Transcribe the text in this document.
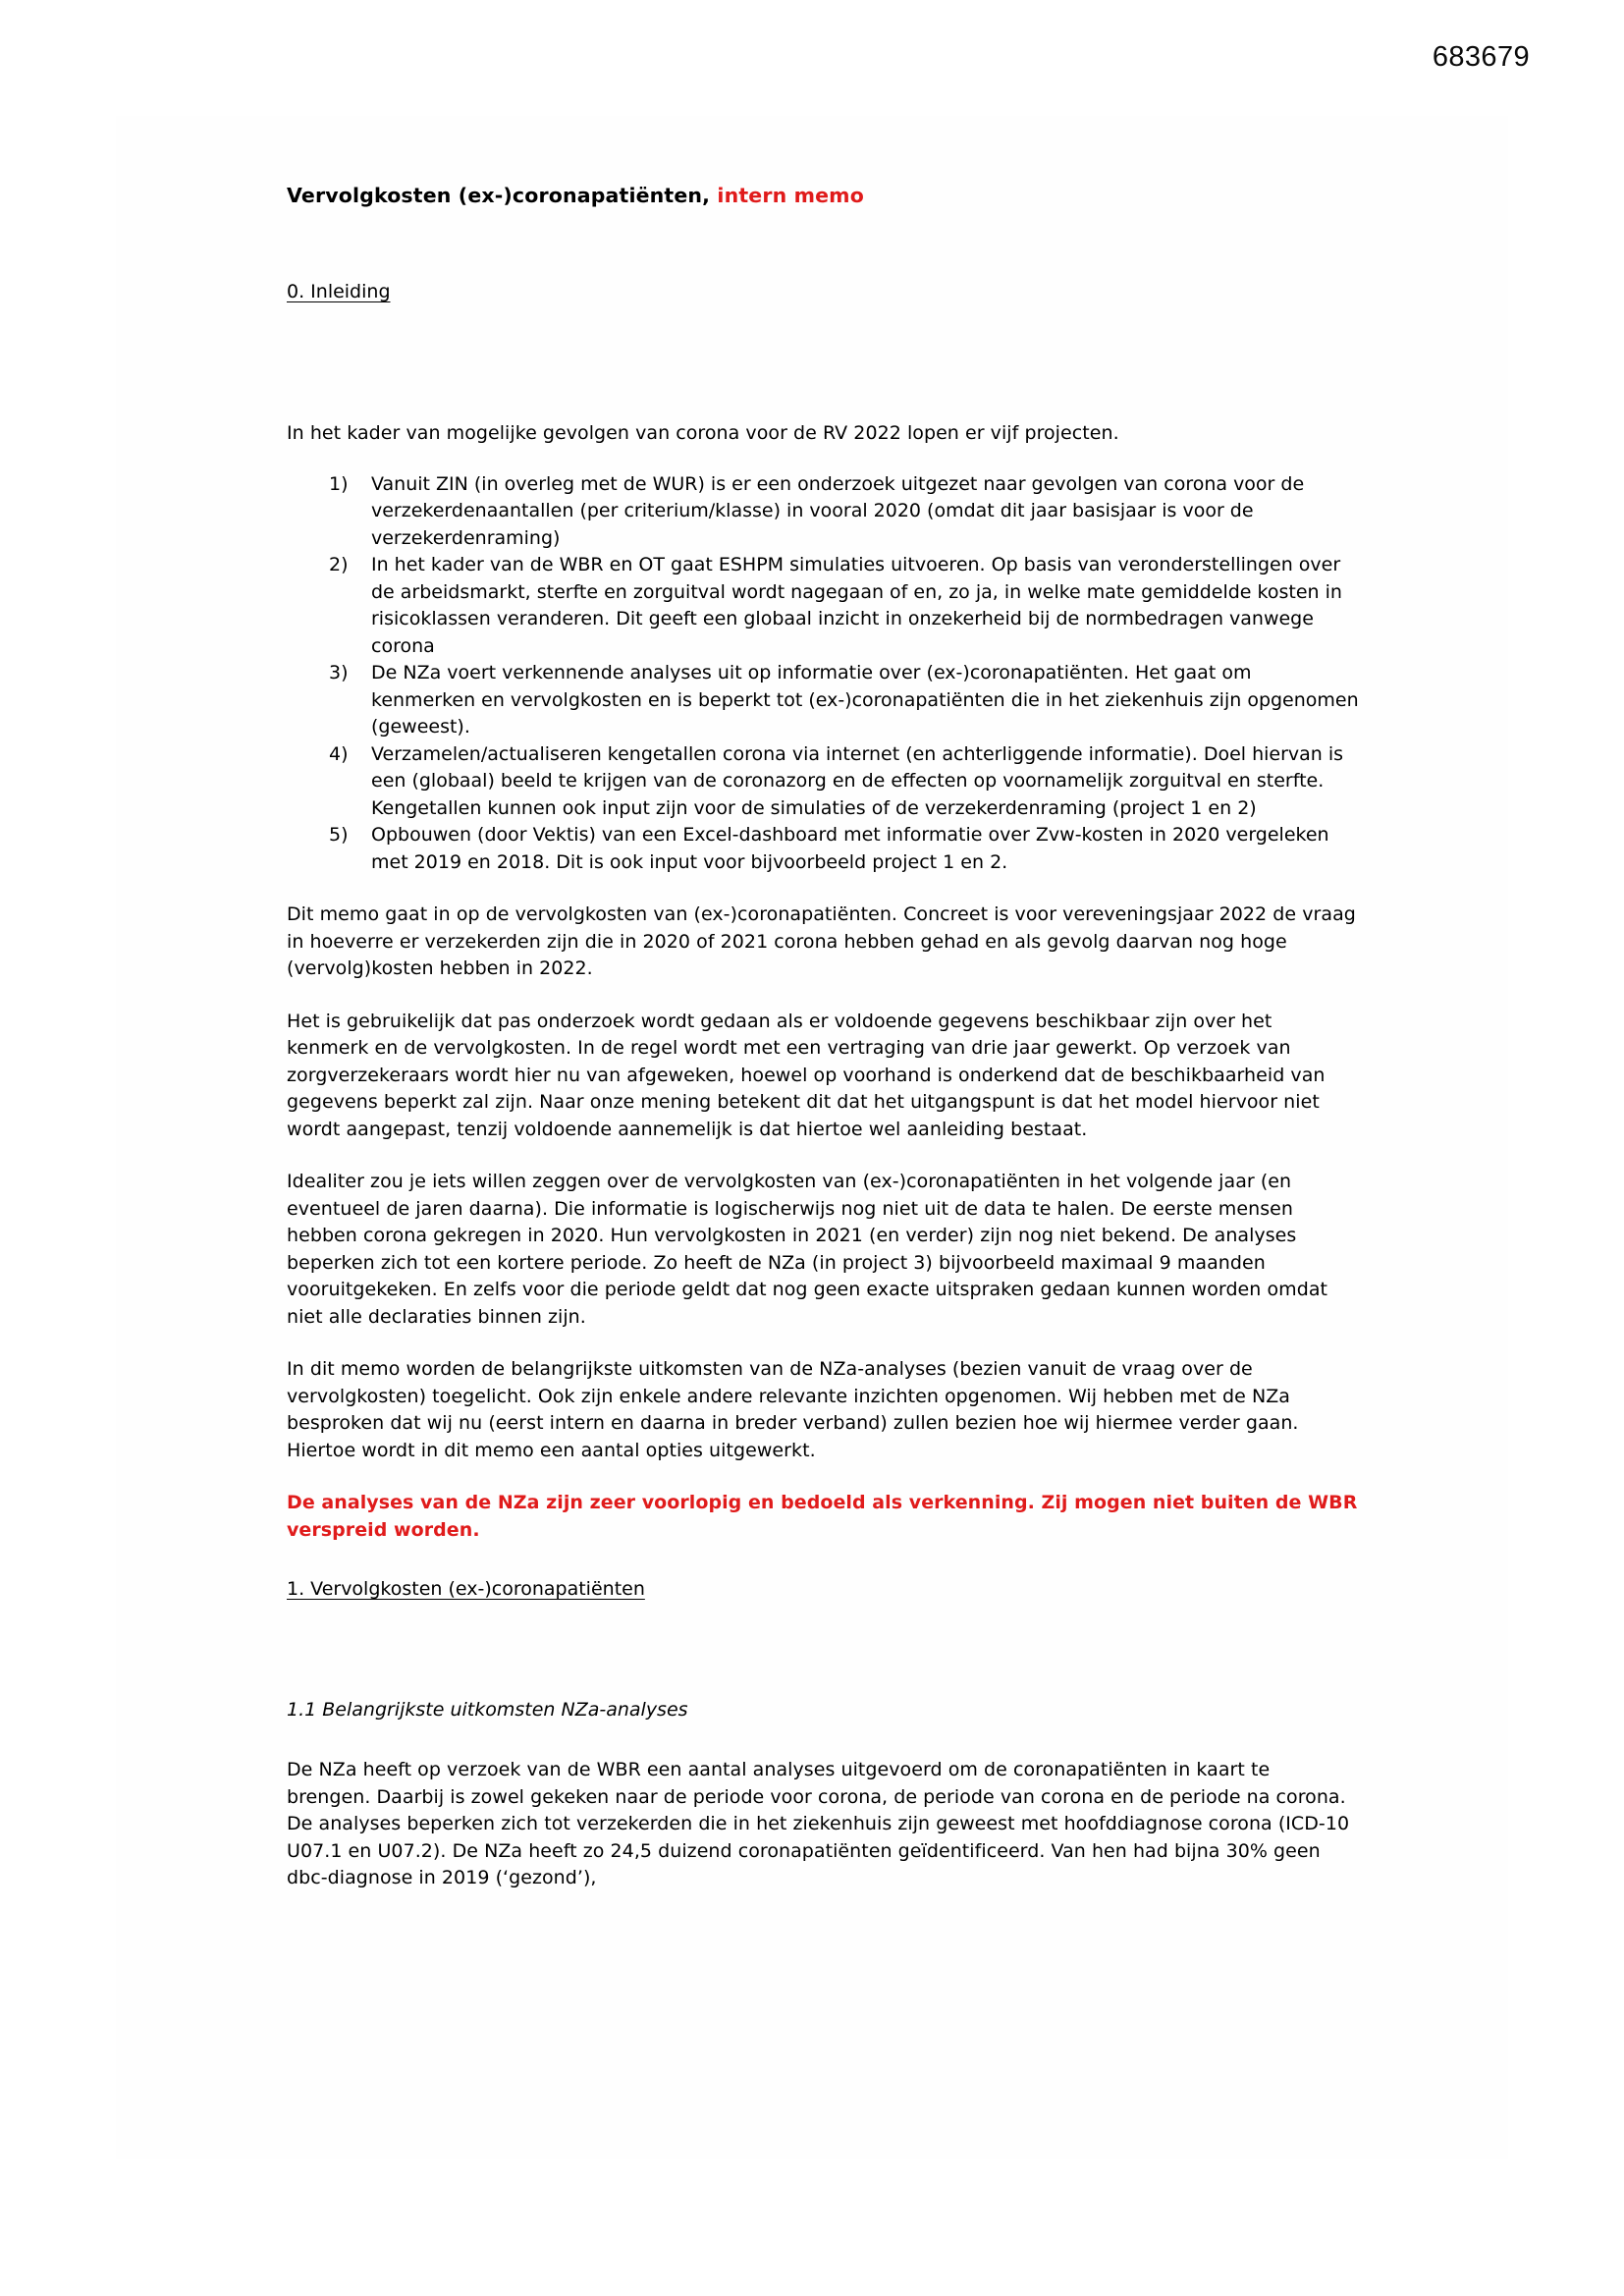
683679
Vervolgkosten (ex-)coronapatiënten, intern memo
0. Inleiding

In het kader van mogelijke gevolgen van corona voor de RV 2022 lopen er vijf projecten.

1)	Vanuit ZIN (in overleg met de WUR) is er een onderzoek uitgezet naar gevolgen van corona voor de verzekerdenaantallen (per criterium/klasse) in vooral 2020 (omdat dit jaar basisjaar is voor de verzekerdenraming)
2)	In het kader van de WBR en OT gaat ESHPM simulaties uitvoeren. Op basis van veronderstellingen over de arbeidsmarkt, sterfte en zorguitval wordt nagegaan of en, zo ja, in welke mate gemiddelde kosten in risicoklassen veranderen. Dit geeft een globaal inzicht in onzekerheid bij de normbedragen vanwege corona
3)	De NZa voert verkennende analyses uit op informatie over (ex-)coronapatiënten. Het gaat om kenmerken en vervolgkosten en is beperkt tot (ex-)coronapatiënten die in het ziekenhuis zijn opgenomen (geweest).
4)	Verzamelen/actualiseren kengetallen corona via internet (en achterliggende informatie). Doel hiervan is een (globaal) beeld te krijgen van de coronazorg en de effecten op voornamelijk zorguitval en sterfte. Kengetallen kunnen ook input zijn voor de simulaties of de verzekerdenraming (project 1 en 2)
5)	Opbouwen (door Vektis) van een Excel-dashboard met informatie over Zvw-kosten in 2020 vergeleken met 2019 en 2018. Dit is ook input voor bijvoorbeeld project 1 en 2.

Dit memo gaat in op de vervolgkosten van (ex-)coronapatiënten. Concreet is voor vereveningsjaar 2022 de vraag in hoeverre er verzekerden zijn die in 2020 of 2021 corona hebben gehad en als gevolg daarvan nog hoge (vervolg)kosten hebben in 2022.

Het is gebruikelijk dat pas onderzoek wordt gedaan als er voldoende gegevens beschikbaar zijn over het kenmerk en de vervolgkosten. In de regel wordt met een vertraging van drie jaar gewerkt. Op verzoek van zorgverzekeraars wordt hier nu van afgeweken, hoewel op voorhand is onderkend dat de beschikbaarheid van gegevens beperkt zal zijn. Naar onze mening betekent dit dat het uitgangspunt is dat het model hiervoor niet wordt aangepast, tenzij voldoende aannemelijk is dat hiertoe wel aanleiding bestaat.

Idealiter zou je iets willen zeggen over de vervolgkosten van (ex-)coronapatiënten in het volgende jaar (en eventueel de jaren daarna). Die informatie is logischerwijs nog niet uit de data te halen. De eerste mensen hebben corona gekregen in 2020. Hun vervolgkosten in 2021 (en verder) zijn nog niet bekend. De analyses beperken zich tot een kortere periode. Zo heeft de NZa (in project 3) bijvoorbeeld maximaal 9 maanden vooruitgekeken. En zelfs voor die periode geldt dat nog geen exacte uitspraken gedaan kunnen worden omdat niet alle declaraties binnen zijn.

In dit memo worden de belangrijkste uitkomsten van de NZa-analyses (bezien vanuit de vraag over de vervolgkosten) toegelicht. Ook zijn enkele andere relevante inzichten opgenomen. Wij hebben met de NZa besproken dat wij nu (eerst intern en daarna in breder verband) zullen bezien hoe wij hiermee verder gaan. Hiertoe wordt in dit memo een aantal opties uitgewerkt.

De analyses van de NZa zijn zeer voorlopig en bedoeld als verkenning. Zij mogen niet buiten de WBR verspreid worden.

1. Vervolgkosten (ex-)coronapatiënten

1.1 Belangrijkste uitkomsten NZa-analyses

De NZa heeft op verzoek van de WBR een aantal analyses uitgevoerd om de coronapatiënten in kaart te brengen. Daarbij is zowel gekeken naar de periode voor corona, de periode van corona en de periode na corona. De analyses beperken zich tot verzekerden die in het ziekenhuis zijn geweest met hoofddiagnose corona (ICD-10 U07.1 en U07.2). De NZa heeft zo 24,5 duizend coronapatiënten geïdentificeerd. Van hen had bijna 30% geen dbc-diagnose in 2019 (‘gezond’),
